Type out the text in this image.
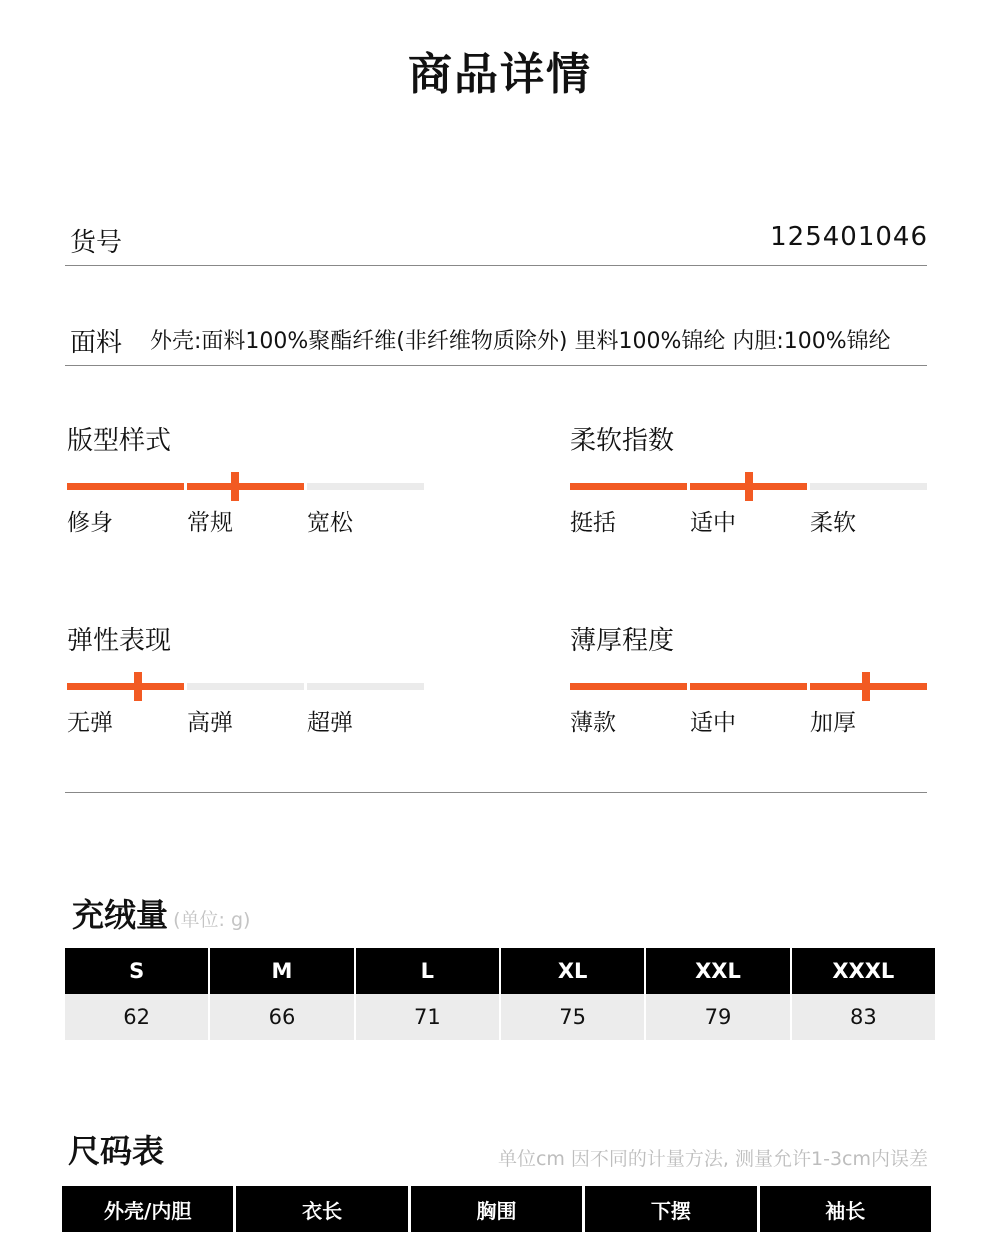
商品详情
货号	125401046
面料 外壳:面料100%聚酯纤维(非纤维物质除外) 里料100%锦纶 内胆:100%锦纶
版型样式
修身	常规	宽松
柔软指数
挺括	适中	柔软
弹性表现
无弹	高弹	超弹
薄厚程度
薄款	适中	加厚
充绒量 (单位: g)
S	M	L	XL	XXL	XXXL
62	66	71	75	79	83
尺码表	单位cm 因不同的计量方法, 测量允许1-3cm内误差
外壳/内胆	衣长	胸围	下摆	袖长
